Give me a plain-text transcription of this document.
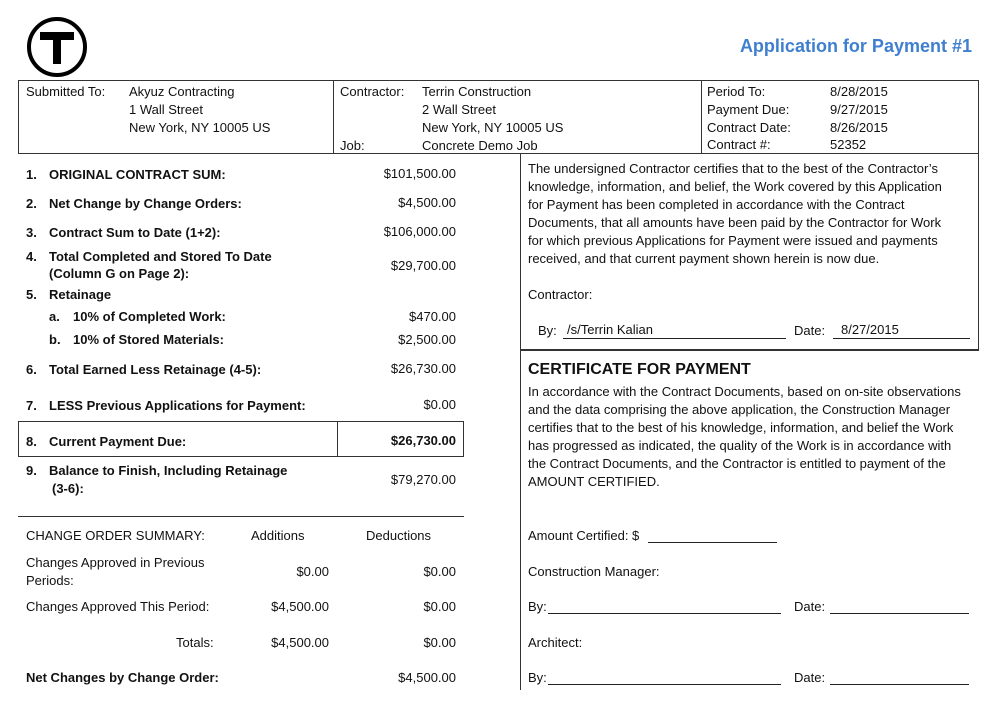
Application for Payment #1
Submitted To: Akyuz Contracting
1 Wall Street
New York, NY 10005 US
Contractor: Terrin Construction
2 Wall Street
New York, NY 10005 US
Job:	Concrete Demo Job
Period To:	8/28/2015
Payment Due:	9/27/2015
Contract Date:	8/26/2015
Contract #:	52352
1. ORIGINAL CONTRACT SUM:	$101,500.00
2. Net Change by Change Orders:	$4,500.00
3. Contract Sum to Date (1+2):	$106,000.00
4. Total Completed and Stored To Date
(Column G on Page 2):
$29,700.00
5. Retainage
a. 10% of Completed Work:	$470.00
b. 10% of Stored Materials:	$2,500.00
6. Total Earned Less Retainage (4-5):	$26,730.00
7. LESS Previous Applications for Payment:	$0.00
8. Current Payment Due:	$26,730.00
9. Balance to Finish, Including Retainage
(3-6):
$79,270.00
CHANGE ORDER SUMMARY:	Additions	Deductions
Changes Approved in Previous
Periods:
$0.00	$0.00
Changes Approved This Period:	$4,500.00	$0.00
Totals:	$4,500.00	$0.00
Net Changes by Change Order:	$4,500.00
The undersigned Contractor certifies that to the best of the Contractor’s
knowledge, information, and belief, the Work covered by this Application
for Payment has been completed in accordance with the Contract
Documents, that all amounts have been paid by the Contractor for Work
for which previous Applications for Payment were issued and payments
received, and that current payment shown herein is now due.
Contractor:
By: /s/Terrin Kalian	Date: 8/27/2015
CERTIFICATE FOR PAYMENT
In accordance with the Contract Documents, based on on-site observations
and the data comprising the above application, the Construction Manager
certifies that to the best of his knowledge, information, and belief the Work
has progressed as indicated, the quality of the Work is in accordance with
the Contract Documents, and the Contractor is entitled to payment of the
AMOUNT CERTIFIED.
Amount Certified: $
Construction Manager:
By:	Date:
Architect:
By:	Date:
